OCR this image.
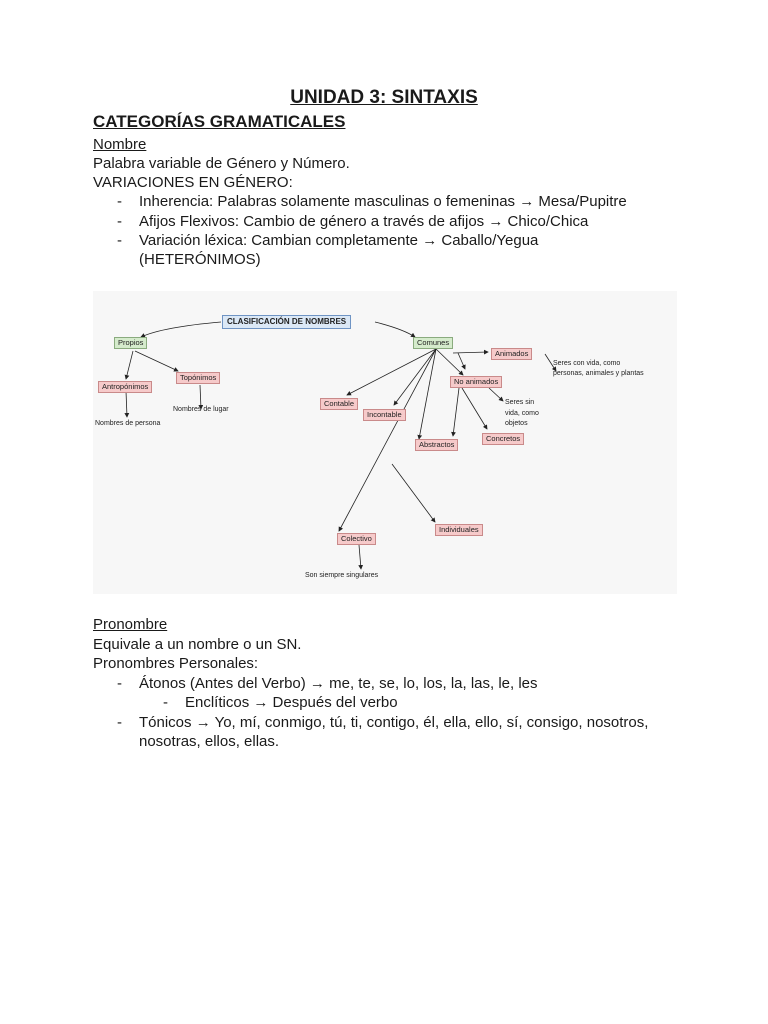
UNIDAD 3: SINTAXIS
CATEGORÍAS GRAMATICALES
Nombre
Palabra variable de Género y Número.
VARIACIONES EN GÉNERO:
- Inherencia: Palabras solamente masculinas o femeninas → Mesa/Pupitre
- Afijos Flexivos: Cambio de género a través de afijos → Chico/Chica
- Variación léxica: Cambian completamente → Caballo/Yegua
(HETERÓNIMOS)
CLASIFICACIÓN DE NOMBRES
Propios	Comunes
Antropónimos
Topónimos
Nombres de persona
Nombres de lugar
Animados
Seres con vida, como
personas, animales y plantas
No animados
Seres sin
vida, como
objetos
Contable
Incontable
Abstractos
Concretos
Individuales
Colectivo
Son siempre singulares
Pronombre
Equivale a un nombre o un SN.
Pronombres Personales:
- Átonos (Antes del Verbo) → me, te, se, lo, los, la, las, le, les
- Enclíticos → Después del verbo
- Tónicos → Yo, mí, conmigo, tú, ti, contigo, él, ella, ello, sí, consigo, nosotros,
nosotras, ellos, ellas.
